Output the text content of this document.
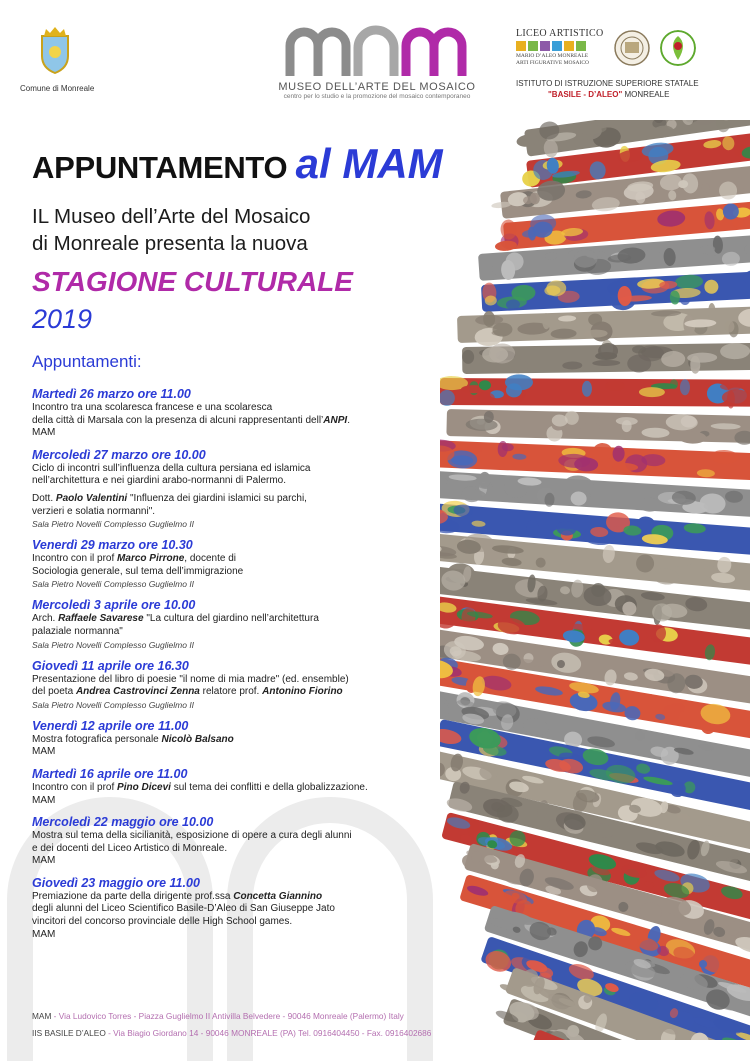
Comune di Monreale	MUSEO DELL’ARTE DEL MOSAICO
centro per lo studio e la promozione del mosaico contemporaneo
LICEO ARTISTICO
MARIO D’ALEO MONREALE
ARTI FIGURATIVE MOSAICO
ISTITUTO DI ISTRUZIONE SUPERIORE STATALE
"BASILE - D’ALEO" MONREALE
APPUNTAMENTO al MAM
IL Museo dell’Arte del Mosaico
di Monreale presenta la nuova
STAGIONE CULTURALE
2019
Appuntamenti:
Martedì 26 marzo ore 11.00
Incontro tra una scolaresca francese e una scolaresca
della città di Marsala con la presenza di alcuni rappresentanti dell’ANPI.
MAM
Mercoledì 27 marzo ore 10.00
Ciclo di incontri sull’influenza della cultura persiana ed islamica
nell’architettura e nei giardini arabo-normanni di Palermo.
Dott. Paolo Valentini "Influenza dei giardini islamici su parchi,
verzieri e solatia normanni".
Sala Pietro Novelli Complesso Guglielmo II
Venerdì 29 marzo ore 10.30
Incontro con il prof Marco Pirrone, docente di
Sociologia generale, sul tema dell’immigrazione
Sala Pietro Novelli Complesso Guglielmo II
Mercoledì 3 aprile ore 10.00
Arch. Raffaele Savarese "La cultura del giardino nell’architettura
palaziale normanna"
Sala Pietro Novelli Complesso Guglielmo II
Giovedì 11 aprile ore 16.30
Presentazione del libro di poesie "il nome di mia madre" (ed. ensemble)
del poeta Andrea Castrovinci Zenna relatore prof. Antonino Fiorino
Sala Pietro Novelli Complesso Guglielmo II
Venerdì 12 aprile ore 11.00
Mostra fotografica personale Nicolò Balsano
MAM
Martedì 16 aprile ore 11.00
Incontro con il prof Pino Dicevi sul tema dei conflitti e della globalizzazione.
MAM
Mercoledì 22 maggio ore 10.00
Mostra sul tema della sicilianità, esposizione di opere a cura degli alunni
e dei docenti del Liceo Artistico di Monreale.
MAM
Giovedì 23 maggio ore 11.00
Premiazione da parte della dirigente prof.ssa Concetta Giannino
degli alunni del Liceo Scientifico Basile-D’Aleo di San Giuseppe Jato
vincitori del concorso provinciale delle High School games.
MAM
MAM - Via Ludovico Torres - Piazza Guglielmo II Antivilla Belvedere - 90046 Monreale (Palermo) Italy
IIS BASILE D’ALEO - Via Biagio Giordano 14 - 90046 MONREALE (PA) Tel. 0916404450 - Fax. 0916402686
